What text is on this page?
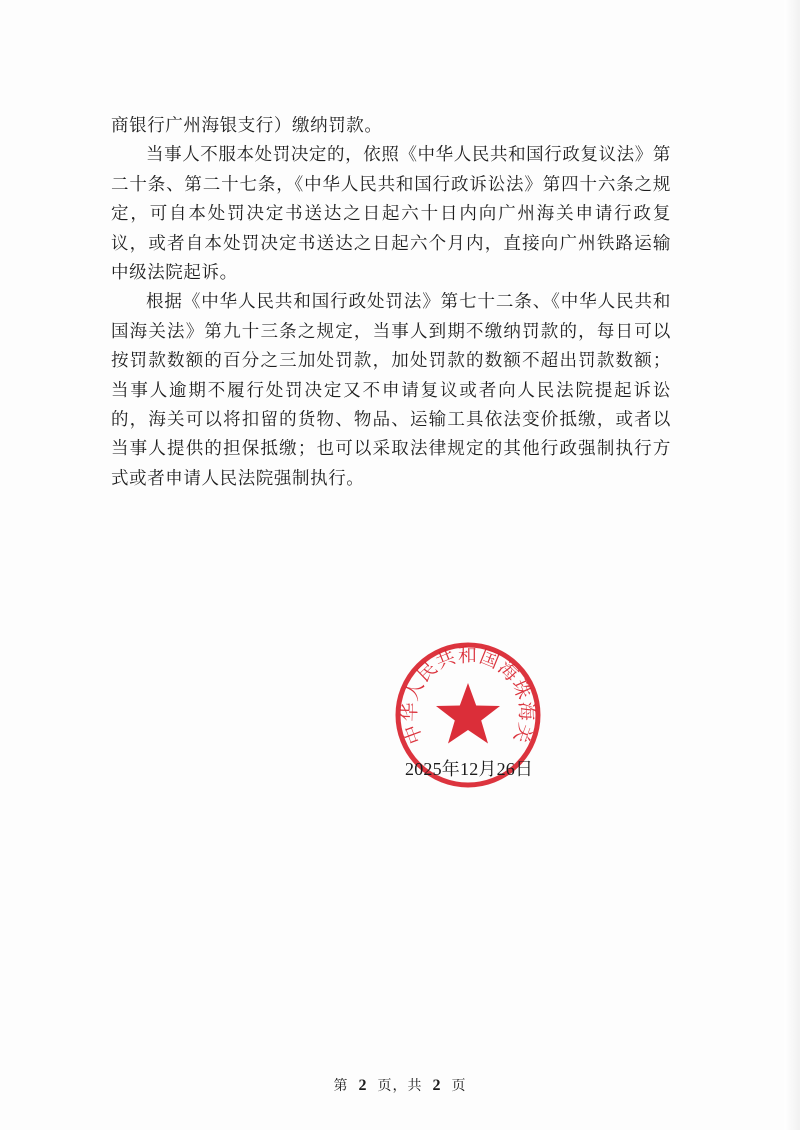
商银行广州海银支行）缴纳罚款。

当事人不服本处罚决定的，依照《中华人民共和国行政复议法》第二十条、第二十七条，《中华人民共和国行政诉讼法》第四十六条之规定，可自本处罚决定书送达之日起六十日内向广州海关申请行政复议，或者自本处罚决定书送达之日起六个月内，直接向广州铁路运输中级法院起诉。

根据《中华人民共和国行政处罚法》第七十二条、《中华人民共和国海关法》第九十三条之规定，当事人到期不缴纳罚款的，每日可以按罚款数额的百分之三加处罚款，加处罚款的数额不超出罚款数额；当事人逾期不履行处罚决定又不申请复议或者向人民法院提起诉讼的，海关可以将扣留的货物、物品、运输工具依法变价抵缴，或者以当事人提供的担保抵缴；也可以采取法律规定的其他行政强制执行方式或者申请人民法院强制执行。

中华人民共和国海珠海关
2025年12月26日
第 2 页，共 2 页
